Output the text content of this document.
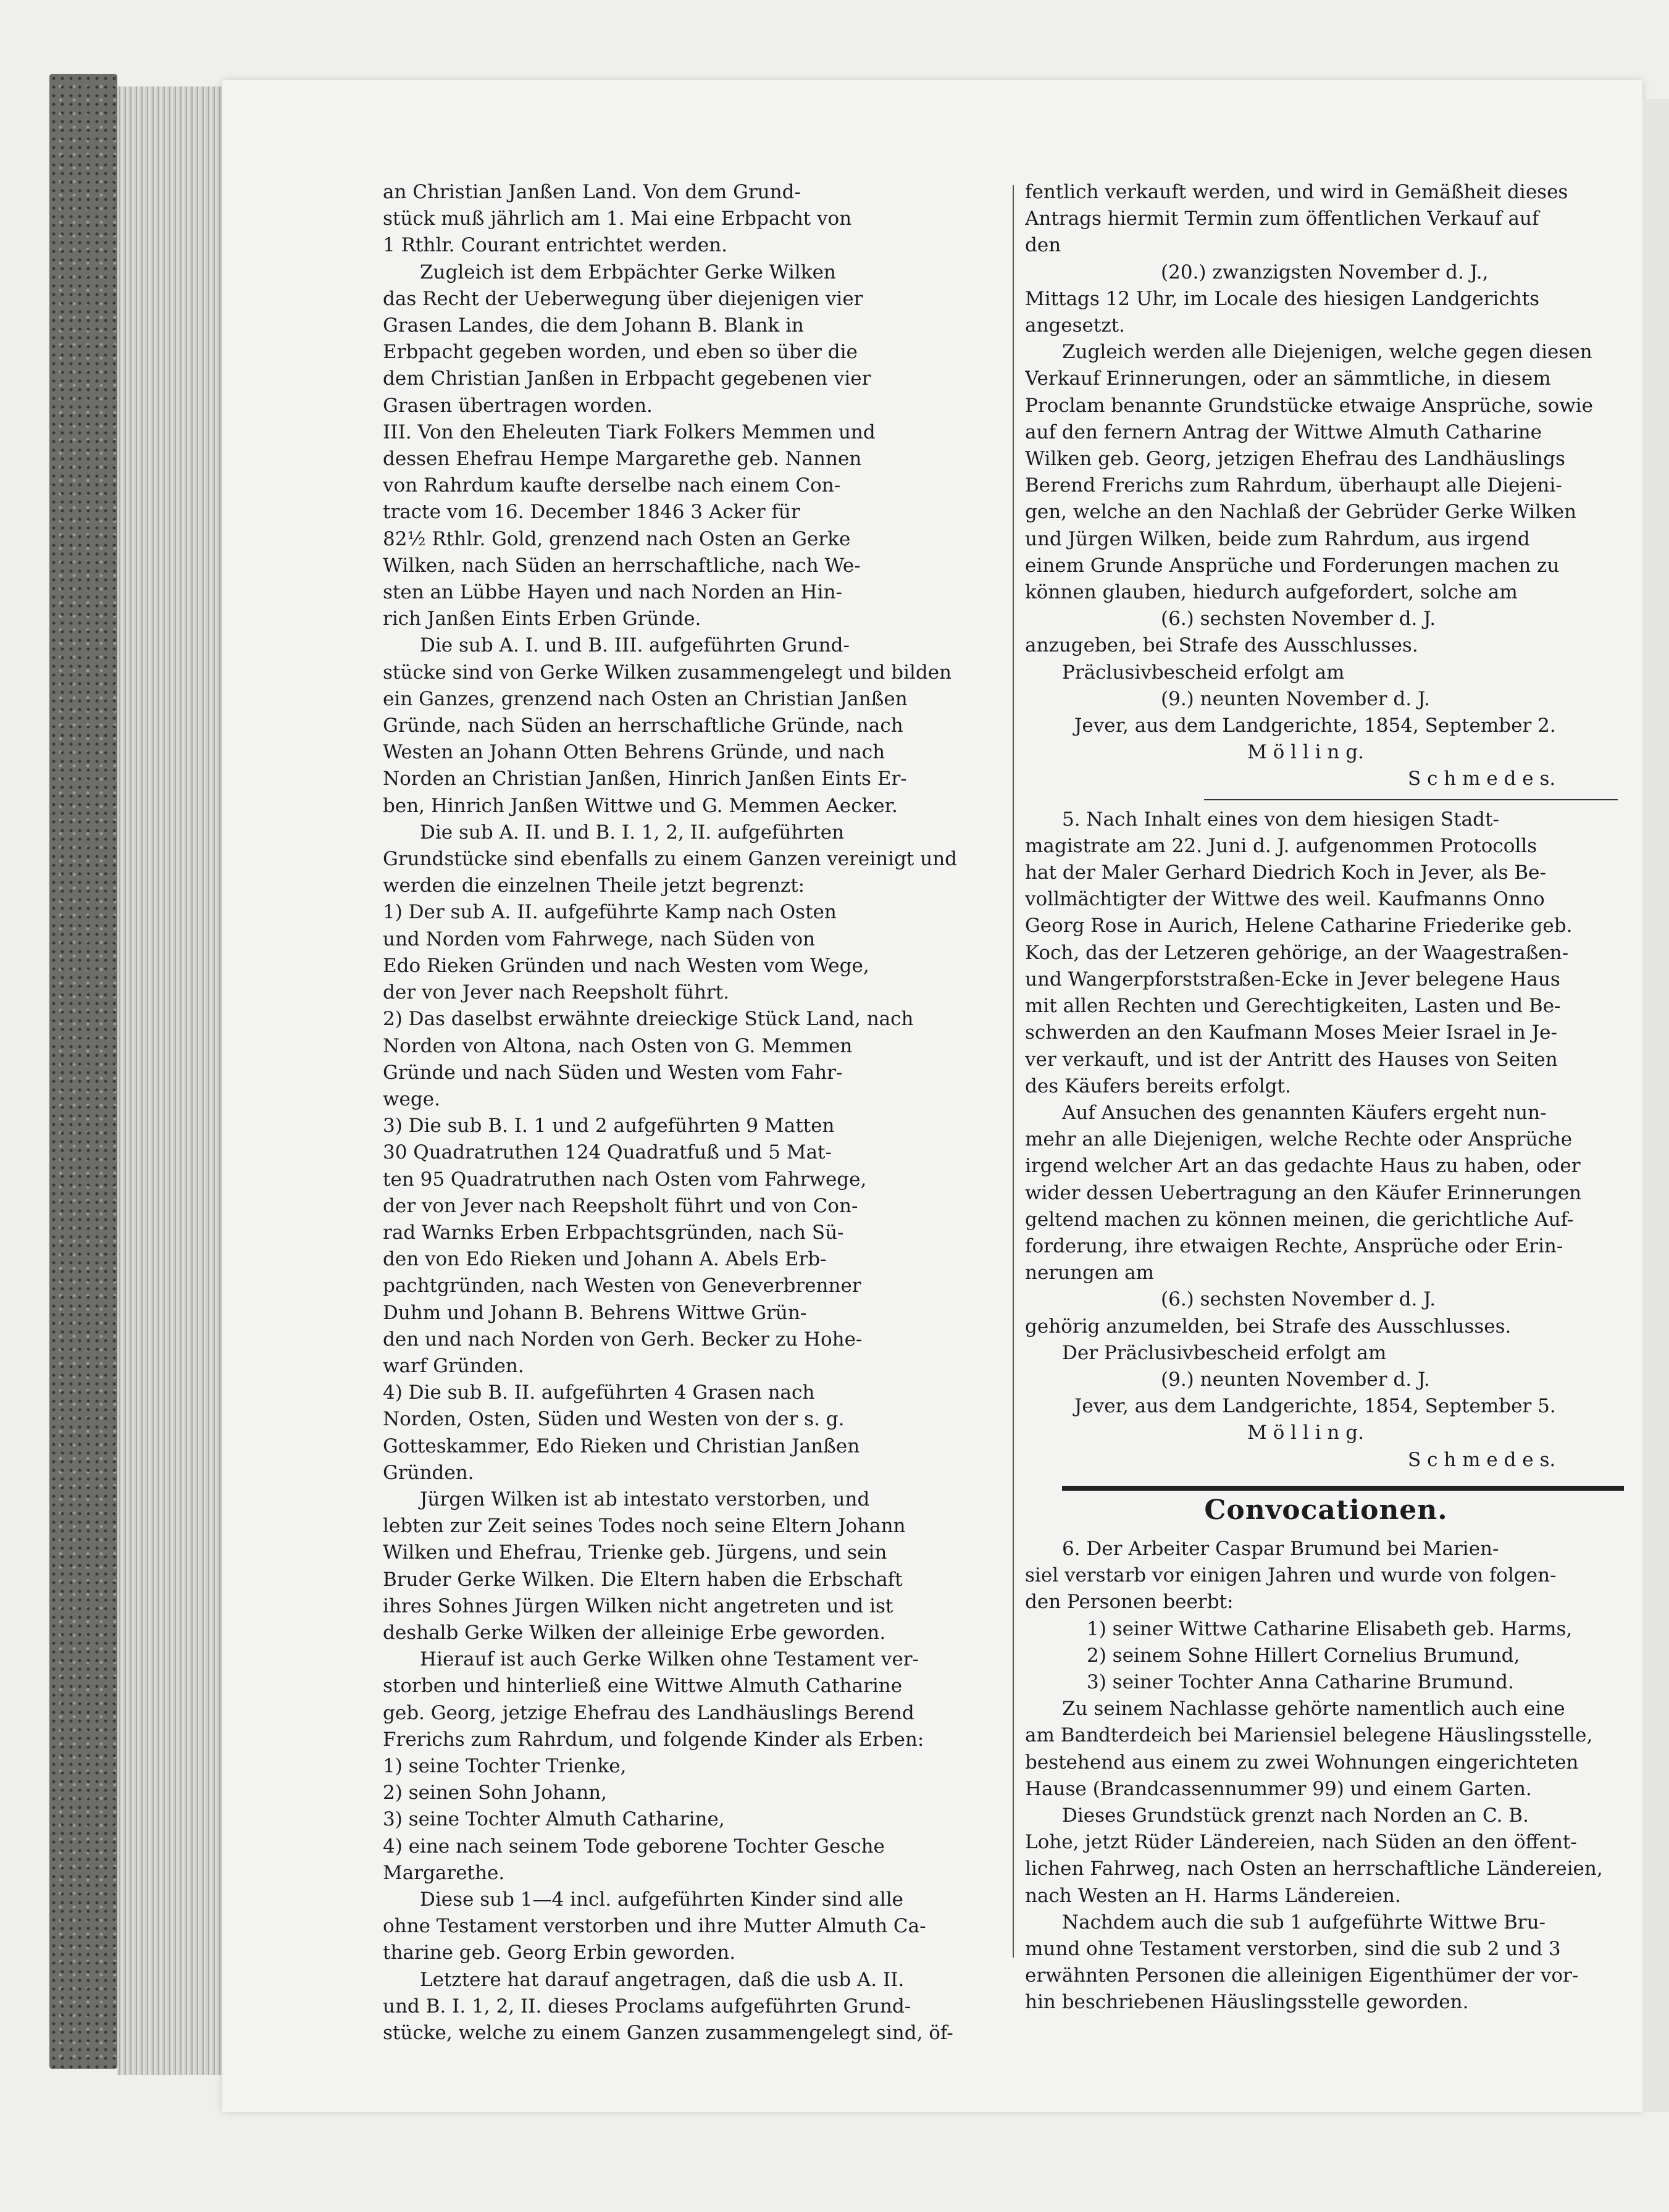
an Christian Janßen Land. Von dem Grund-
stück muß jährlich am 1. Mai eine Erbpacht von
1 Rthlr. Courant entrichtet werden.
Zugleich ist dem Erbpächter Gerke Wilken
das Recht der Ueberwegung über diejenigen vier
Grasen Landes, die dem Johann B. Blank in
Erbpacht gegeben worden, und eben so über die
dem Christian Janßen in Erbpacht gegebenen vier
Grasen übertragen worden.
III. Von den Eheleuten Tiark Folkers Memmen und
dessen Ehefrau Hempe Margarethe geb. Nannen
von Rahrdum kaufte derselbe nach einem Con-
tracte vom 16. December 1846 3 Acker für
82½ Rthlr. Gold, grenzend nach Osten an Gerke
Wilken, nach Süden an herrschaftliche, nach We-
sten an Lübbe Hayen und nach Norden an Hin-
rich Janßen Eints Erben Gründe.
Die sub A. I. und B. III. aufgeführten Grund-
stücke sind von Gerke Wilken zusammengelegt und bilden
ein Ganzes, grenzend nach Osten an Christian Janßen
Gründe, nach Süden an herrschaftliche Gründe, nach
Westen an Johann Otten Behrens Gründe, und nach
Norden an Christian Janßen, Hinrich Janßen Eints Er-
ben, Hinrich Janßen Wittwe und G. Memmen Aecker.
Die sub A. II. und B. I. 1, 2, II. aufgeführten
Grundstücke sind ebenfalls zu einem Ganzen vereinigt und
werden die einzelnen Theile jetzt begrenzt:
1) Der sub A. II. aufgeführte Kamp nach Osten
und Norden vom Fahrwege, nach Süden von
Edo Rieken Gründen und nach Westen vom Wege,
der von Jever nach Reepsholt führt.
2) Das daselbst erwähnte dreieckige Stück Land, nach
Norden von Altona, nach Osten von G. Memmen
Gründe und nach Süden und Westen vom Fahr-
wege.
3) Die sub B. I. 1 und 2 aufgeführten 9 Matten
30 Quadratruthen 124 Quadratfuß und 5 Mat-
ten 95 Quadratruthen nach Osten vom Fahrwege,
der von Jever nach Reepsholt führt und von Con-
rad Warnks Erben Erbpachtsgründen, nach Sü-
den von Edo Rieken und Johann A. Abels Erb-
pachtgründen, nach Westen von Geneverbrenner
Duhm und Johann B. Behrens Wittwe Grün-
den und nach Norden von Gerh. Becker zu Hohe-
warf Gründen.
4) Die sub B. II. aufgeführten 4 Grasen nach
Norden, Osten, Süden und Westen von der s. g.
Gotteskammer, Edo Rieken und Christian Janßen
Gründen.
Jürgen Wilken ist ab intestato verstorben, und
lebten zur Zeit seines Todes noch seine Eltern Johann
Wilken und Ehefrau, Trienke geb. Jürgens, und sein
Bruder Gerke Wilken. Die Eltern haben die Erbschaft
ihres Sohnes Jürgen Wilken nicht angetreten und ist
deshalb Gerke Wilken der alleinige Erbe geworden.
Hierauf ist auch Gerke Wilken ohne Testament ver-
storben und hinterließ eine Wittwe Almuth Catharine
geb. Georg, jetzige Ehefrau des Landhäuslings Berend
Frerichs zum Rahrdum, und folgende Kinder als Erben:
1) seine Tochter Trienke,
2) seinen Sohn Johann,
3) seine Tochter Almuth Catharine,
4) eine nach seinem Tode geborene Tochter Gesche
Margarethe.
Diese sub 1—4 incl. aufgeführten Kinder sind alle
ohne Testament verstorben und ihre Mutter Almuth Ca-
tharine geb. Georg Erbin geworden.
Letztere hat darauf angetragen, daß die usb A. II.
und B. I. 1, 2, II. dieses Proclams aufgeführten Grund-
stücke, welche zu einem Ganzen zusammengelegt sind, öf-
fentlich verkauft werden, und wird in Gemäßheit dieses
Antrags hiermit Termin zum öffentlichen Verkauf auf
den
(20.) zwanzigsten November d. J.,
Mittags 12 Uhr, im Locale des hiesigen Landgerichts
angesetzt.
Zugleich werden alle Diejenigen, welche gegen diesen
Verkauf Erinnerungen, oder an sämmtliche, in diesem
Proclam benannte Grundstücke etwaige Ansprüche, sowie
auf den fernern Antrag der Wittwe Almuth Catharine
Wilken geb. Georg, jetzigen Ehefrau des Landhäuslings
Berend Frerichs zum Rahrdum, überhaupt alle Diejeni-
gen, welche an den Nachlaß der Gebrüder Gerke Wilken
und Jürgen Wilken, beide zum Rahrdum, aus irgend
einem Grunde Ansprüche und Forderungen machen zu
können glauben, hiedurch aufgefordert, solche am
(6.) sechsten November d. J.
anzugeben, bei Strafe des Ausschlusses.
Präclusivbescheid erfolgt am
(9.) neunten November d. J.
Jever, aus dem Landgerichte, 1854, September 2.
M ö l l i n g.
S c h m e d e s.
5. Nach Inhalt eines von dem hiesigen Stadt-
magistrate am 22. Juni d. J. aufgenommen Protocolls
hat der Maler Gerhard Diedrich Koch in Jever, als Be-
vollmächtigter der Wittwe des weil. Kaufmanns Onno
Georg Rose in Aurich, Helene Catharine Friederike geb.
Koch, das der Letzeren gehörige, an der Waagestraßen-
und Wangerpforststraßen-Ecke in Jever belegene Haus
mit allen Rechten und Gerechtigkeiten, Lasten und Be-
schwerden an den Kaufmann Moses Meier Israel in Je-
ver verkauft, und ist der Antritt des Hauses von Seiten
des Käufers bereits erfolgt.
Auf Ansuchen des genannten Käufers ergeht nun-
mehr an alle Diejenigen, welche Rechte oder Ansprüche
irgend welcher Art an das gedachte Haus zu haben, oder
wider dessen Uebertragung an den Käufer Erinnerungen
geltend machen zu können meinen, die gerichtliche Auf-
forderung, ihre etwaigen Rechte, Ansprüche oder Erin-
nerungen am
(6.) sechsten November d. J.
gehörig anzumelden, bei Strafe des Ausschlusses.
Der Präclusivbescheid erfolgt am
(9.) neunten November d. J.
Jever, aus dem Landgerichte, 1854, September 5.
M ö l l i n g.
S c h m e d e s.
Convocationen.
6. Der Arbeiter Caspar Brumund bei Marien-
siel verstarb vor einigen Jahren und wurde von folgen-
den Personen beerbt:
1) seiner Wittwe Catharine Elisabeth geb. Harms,
2) seinem Sohne Hillert Cornelius Brumund,
3) seiner Tochter Anna Catharine Brumund.
Zu seinem Nachlasse gehörte namentlich auch eine
am Bandterdeich bei Mariensiel belegene Häuslingsstelle,
bestehend aus einem zu zwei Wohnungen eingerichteten
Hause (Brandcassennummer 99) und einem Garten.
Dieses Grundstück grenzt nach Norden an C. B.
Lohe, jetzt Rüder Ländereien, nach Süden an den öffent-
lichen Fahrweg, nach Osten an herrschaftliche Ländereien,
nach Westen an H. Harms Ländereien.
Nachdem auch die sub 1 aufgeführte Wittwe Bru-
mund ohne Testament verstorben, sind die sub 2 und 3
erwähnten Personen die alleinigen Eigenthümer der vor-
hin beschriebenen Häuslingsstelle geworden.
